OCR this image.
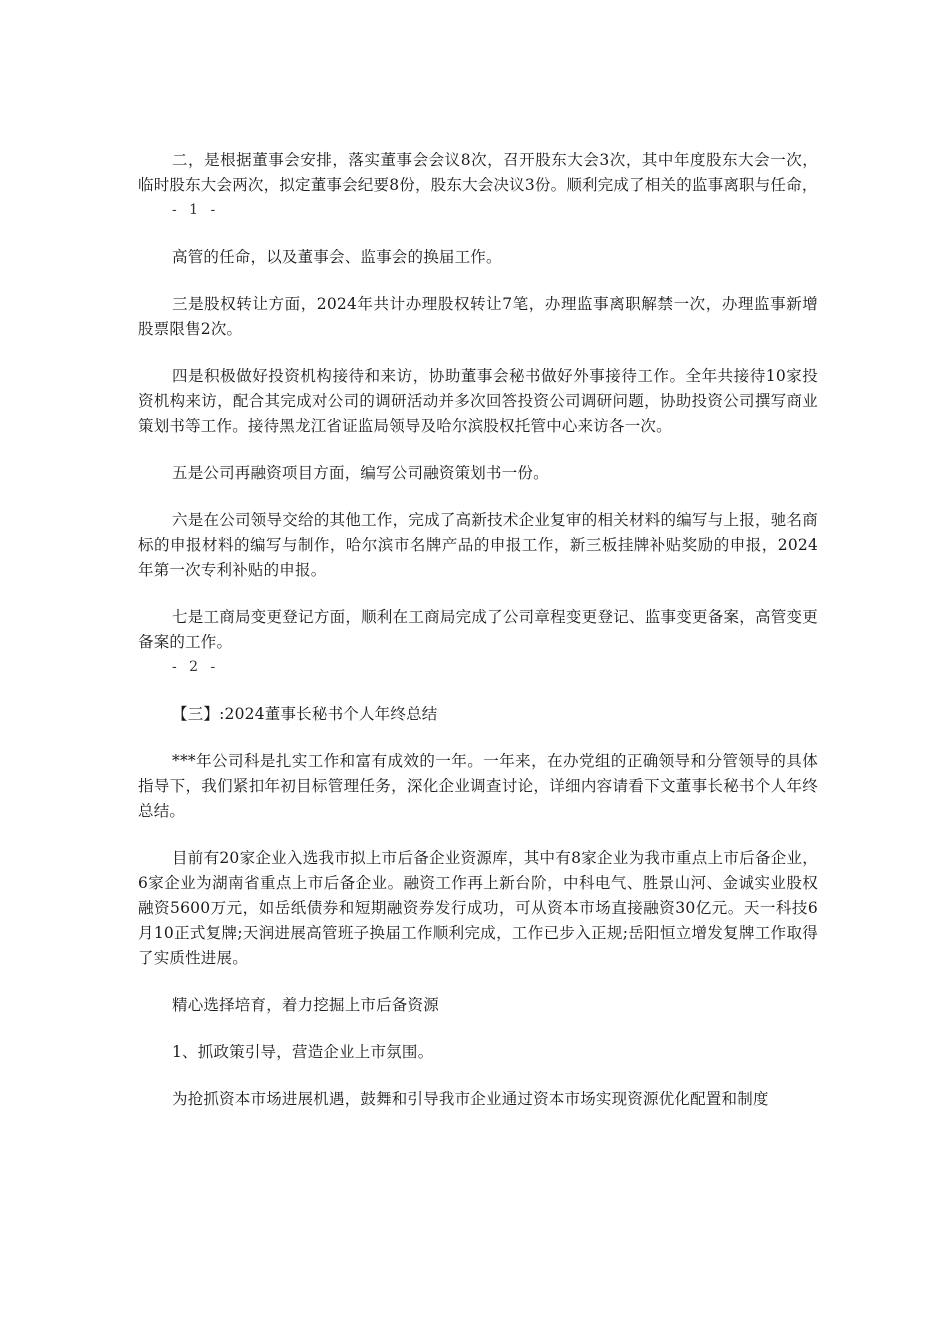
二，是根据董事会安排，落实董事会会议8次，召开股东大会3次，其中年度股东大会一次，临时股东大会两次，拟定董事会纪要8份，股东大会决议3份。顺利完成了相关的监事离职与任命，

- 1 -

高管的任命，以及董事会、监事会的换届工作。

三是股权转让方面，2024年共计办理股权转让7笔，办理监事离职解禁一次，办理监事新增股票限售2次。

四是积极做好投资机构接待和来访，协助董事会秘书做好外事接待工作。全年共接待10家投资机构来访，配合其完成对公司的调研活动并多次回答投资公司调研问题，协助投资公司撰写商业策划书等工作。接待黑龙江省证监局领导及哈尔滨股权托管中心来访各一次。

五是公司再融资项目方面，编写公司融资策划书一份。

六是在公司领导交给的其他工作，完成了高新技术企业复审的相关材料的编写与上报，驰名商标的申报材料的编写与制作，哈尔滨市名牌产品的申报工作，新三板挂牌补贴奖励的申报，2024年第一次专利补贴的申报。

七是工商局变更登记方面，顺利在工商局完成了公司章程变更登记、监事变更备案，高管变更备案的工作。

- 2 -

【三】:2024董事长秘书个人年终总结

***年公司科是扎实工作和富有成效的一年。一年来，在办党组的正确领导和分管领导的具体指导下，我们紧扣年初目标管理任务，深化企业调查讨论，详细内容请看下文董事长秘书个人年终总结。

目前有20家企业入选我市拟上市后备企业资源库，其中有8家企业为我市重点上市后备企业，6家企业为湖南省重点上市后备企业。融资工作再上新台阶，中科电气、胜景山河、金诚实业股权融资5600万元，如岳纸债券和短期融资券发行成功，可从资本市场直接融资30亿元。天一科技6月10正式复牌;天润进展高管班子换届工作顺利完成，工作已步入正规;岳阳恒立增发复牌工作取得了实质性进展。

精心选择培育，着力挖掘上市后备资源

1、抓政策引导，营造企业上市氛围。

为抢抓资本市场进展机遇，鼓舞和引导我市企业通过资本市场实现资源优化配置和制度
